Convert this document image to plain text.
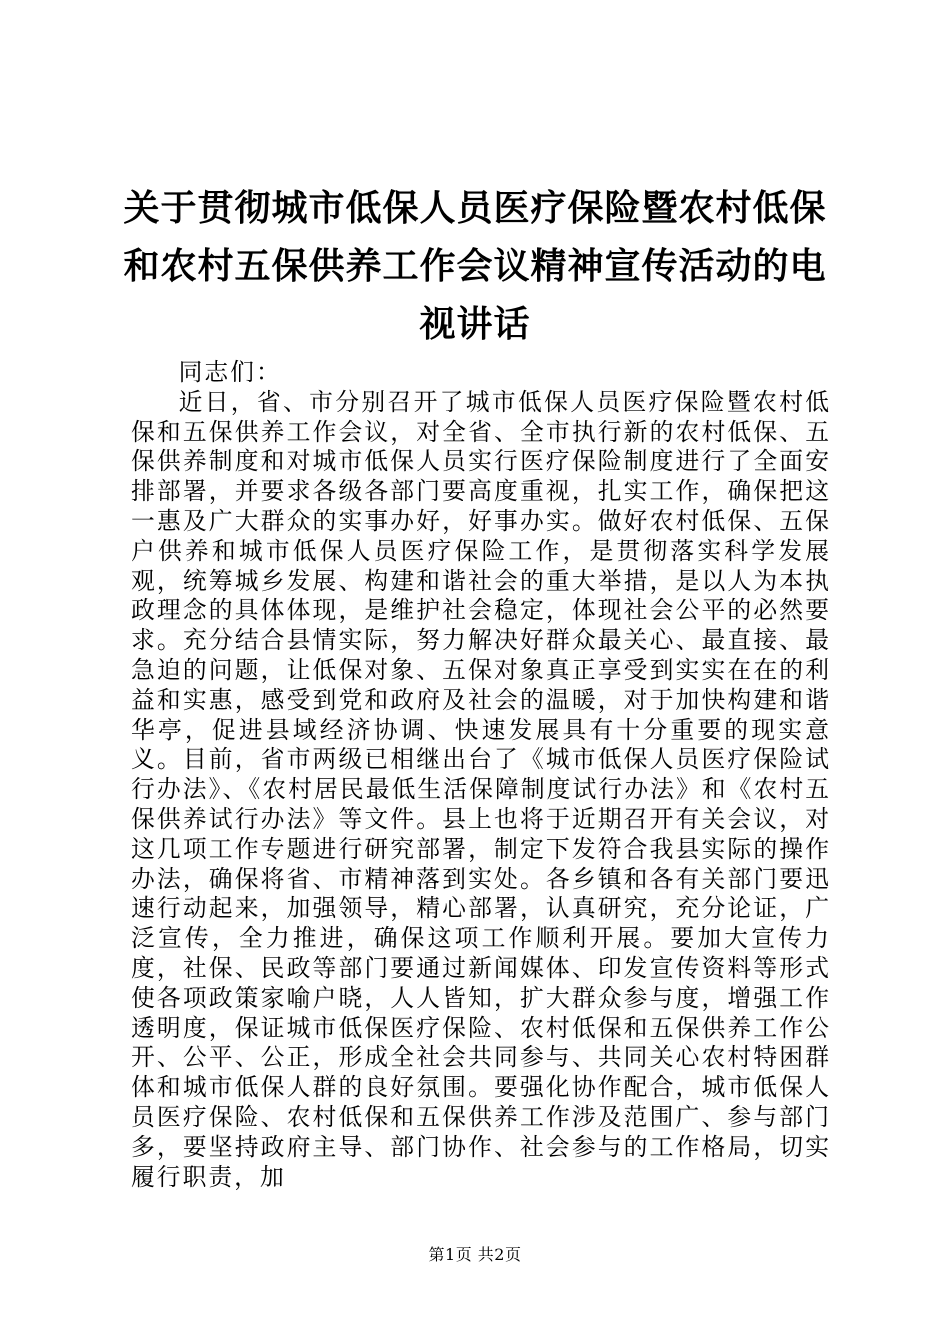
关于贯彻城市低保人员医疗保险暨农村低保和农村五保供养工作会议精神宣传活动的电视讲话

同志们：

近日，省、市分别召开了城市低保人员医疗保险暨农村低保和五保供养工作会议，对全省、全市执行新的农村低保、五保供养制度和对城市低保人员实行医疗保险制度进行了全面安排部署，并要求各级各部门要高度重视，扎实工作，确保把这一惠及广大群众的实事办好，好事办实。做好农村低保、五保户供养和城市低保人员医疗保险工作，是贯彻落实科学发展观，统筹城乡发展、构建和谐社会的重大举措，是以人为本执政理念的具体体现，是维护社会稳定，体现社会公平的必然要求。充分结合县情实际，努力解决好群众最关心、最直接、最急迫的问题，让低保对象、五保对象真正享受到实实在在的利益和实惠，感受到党和政府及社会的温暖，对于加快构建和谐华亭，促进县域经济协调、快速发展具有十分重要的现实意义。目前，省市两级已相继出台了《城市低保人员医疗保险试行办法》、《农村居民最低生活保障制度试行办法》和《农村五保供养试行办法》等文件。县上也将于近期召开有关会议，对这几项工作专题进行研究部署，制定下发符合我县实际的操作办法，确保将省、市精神落到实处。各乡镇和各有关部门要迅速行动起来，加强领导，精心部署，认真研究，充分论证，广泛宣传，全力推进，确保这项工作顺利开展。要加大宣传力度，社保、民政等部门要通过新闻媒体、印发宣传资料等形式使各项政策家喻户晓，人人皆知，扩大群众参与度，增强工作透明度，保证城市低保医疗保险、农村低保和五保供养工作公开、公平、公正，形成全社会共同参与、共同关心农村特困群体和城市低保人群的良好氛围。要强化协作配合，城市低保人员医疗保险、农村低保和五保供养工作涉及范围广、参与部门多，要坚持政府主导、部门协作、社会参与的工作格局，切实履行职责，加

第1页 共2页
